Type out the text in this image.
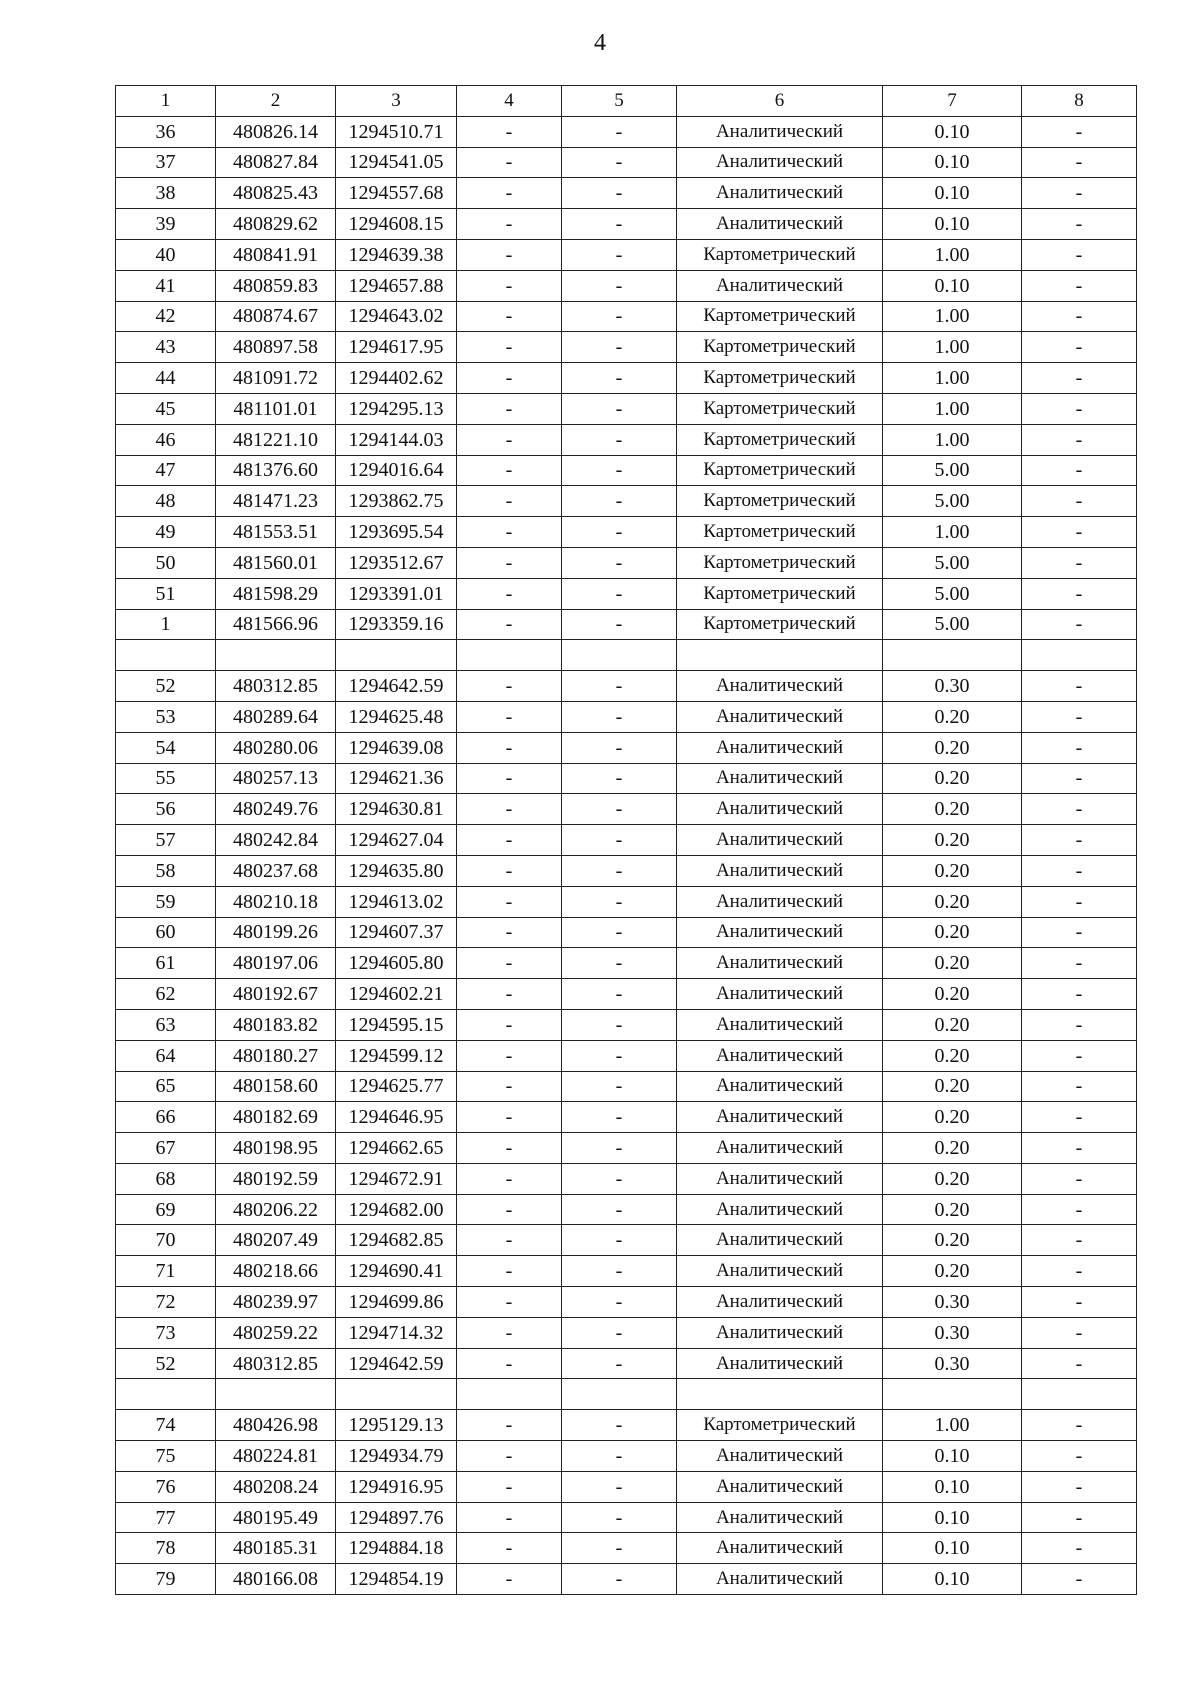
4
1	2	3	4	5	6	7	8
36	480826.14	1294510.71	-	-	Аналитический	0.10	-
37	480827.84	1294541.05	-	-	Аналитический	0.10	-
38	480825.43	1294557.68	-	-	Аналитический	0.10	-
39	480829.62	1294608.15	-	-	Аналитический	0.10	-
40	480841.91	1294639.38	-	-	Картометрический	1.00	-
41	480859.83	1294657.88	-	-	Аналитический	0.10	-
42	480874.67	1294643.02	-	-	Картометрический	1.00	-
43	480897.58	1294617.95	-	-	Картометрический	1.00	-
44	481091.72	1294402.62	-	-	Картометрический	1.00	-
45	481101.01	1294295.13	-	-	Картометрический	1.00	-
46	481221.10	1294144.03	-	-	Картометрический	1.00	-
47	481376.60	1294016.64	-	-	Картометрический	5.00	-
48	481471.23	1293862.75	-	-	Картометрический	5.00	-
49	481553.51	1293695.54	-	-	Картометрический	1.00	-
50	481560.01	1293512.67	-	-	Картометрический	5.00	-
51	481598.29	1293391.01	-	-	Картометрический	5.00	-
1	481566.96	1293359.16	-	-	Картометрический	5.00	-

52	480312.85	1294642.59	-	-	Аналитический	0.30	-
53	480289.64	1294625.48	-	-	Аналитический	0.20	-
54	480280.06	1294639.08	-	-	Аналитический	0.20	-
55	480257.13	1294621.36	-	-	Аналитический	0.20	-
56	480249.76	1294630.81	-	-	Аналитический	0.20	-
57	480242.84	1294627.04	-	-	Аналитический	0.20	-
58	480237.68	1294635.80	-	-	Аналитический	0.20	-
59	480210.18	1294613.02	-	-	Аналитический	0.20	-
60	480199.26	1294607.37	-	-	Аналитический	0.20	-
61	480197.06	1294605.80	-	-	Аналитический	0.20	-
62	480192.67	1294602.21	-	-	Аналитический	0.20	-
63	480183.82	1294595.15	-	-	Аналитический	0.20	-
64	480180.27	1294599.12	-	-	Аналитический	0.20	-
65	480158.60	1294625.77	-	-	Аналитический	0.20	-
66	480182.69	1294646.95	-	-	Аналитический	0.20	-
67	480198.95	1294662.65	-	-	Аналитический	0.20	-
68	480192.59	1294672.91	-	-	Аналитический	0.20	-
69	480206.22	1294682.00	-	-	Аналитический	0.20	-
70	480207.49	1294682.85	-	-	Аналитический	0.20	-
71	480218.66	1294690.41	-	-	Аналитический	0.20	-
72	480239.97	1294699.86	-	-	Аналитический	0.30	-
73	480259.22	1294714.32	-	-	Аналитический	0.30	-
52	480312.85	1294642.59	-	-	Аналитический	0.30	-

74	480426.98	1295129.13	-	-	Картометрический	1.00	-
75	480224.81	1294934.79	-	-	Аналитический	0.10	-
76	480208.24	1294916.95	-	-	Аналитический	0.10	-
77	480195.49	1294897.76	-	-	Аналитический	0.10	-
78	480185.31	1294884.18	-	-	Аналитический	0.10	-
79	480166.08	1294854.19	-	-	Аналитический	0.10	-
